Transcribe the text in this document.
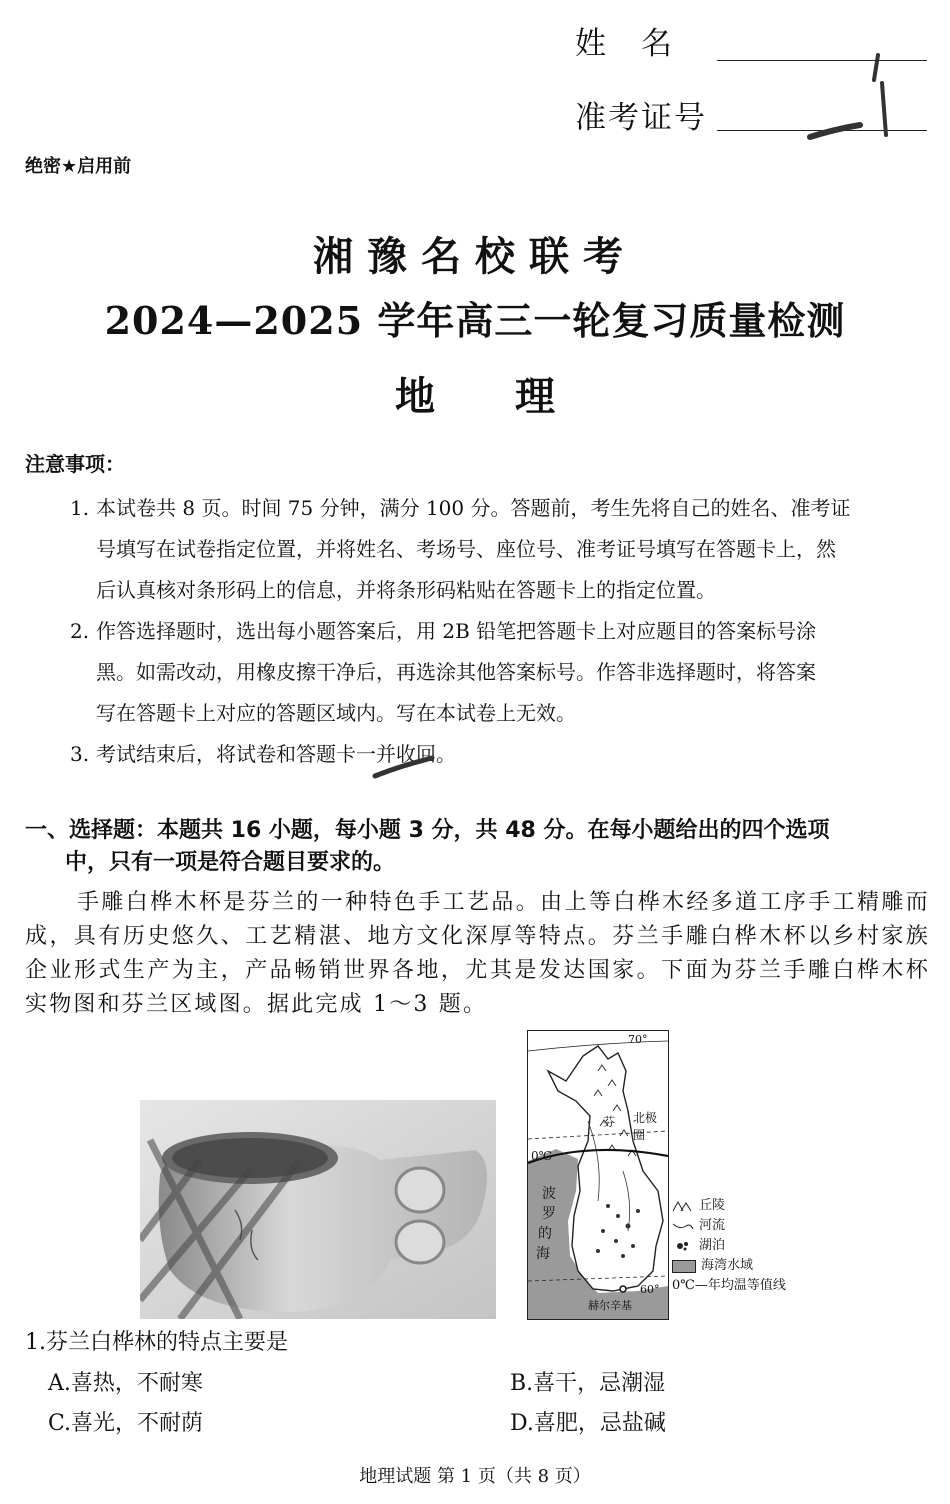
姓　名
准考证号
绝密★启用前
湘豫名校联考
2024—2025 学年高三一轮复习质量检测
地 理
注意事项：
1. 本试卷共 8 页。时间 75 分钟，满分 100 分。答题前，考生先将自己的姓名、准考证
号填写在试卷指定位置，并将姓名、考场号、座位号、准考证号填写在答题卡上，然
后认真核对条形码上的信息，并将条形码粘贴在答题卡上的指定位置。
2. 作答选择题时，选出每小题答案后，用 2B 铅笔把答题卡上对应题目的答案标号涂
黑。如需改动，用橡皮擦干净后，再选涂其他答案标号。作答非选择题时，将答案
写在答题卡上对应的答题区域内。写在本试卷上无效。
3. 考试结束后，将试卷和答题卡一并收回。
一、选择题：本题共 16 小题，每小题 3 分，共 48 分。在每小题给出的四个选项
中，只有一项是符合题目要求的。
手雕白桦木杯是芬兰的一种特色手工艺品。由上等白桦木经多道工序手工精雕而成，具有历史悠久、工艺精湛、地方文化深厚等特点。芬兰手雕白桦木杯以乡村家族企业形式生产为主，产品畅销世界各地，尤其是发达国家。下面为芬兰手雕白桦木杯实物图和芬兰区域图。据此完成 1～3 题。
70°
北极圈
芬
0℃
波
罗
的
海
60°
赫尔辛基
丘陵
河流
湖泊
海湾水域
0℃—年均温等值线
1.芬兰白桦林的特点主要是
A.喜热，不耐寒	B.喜干，忌潮湿
C.喜光，不耐荫	D.喜肥，忌盐碱
地理试题 第 1 页（共 8 页）
